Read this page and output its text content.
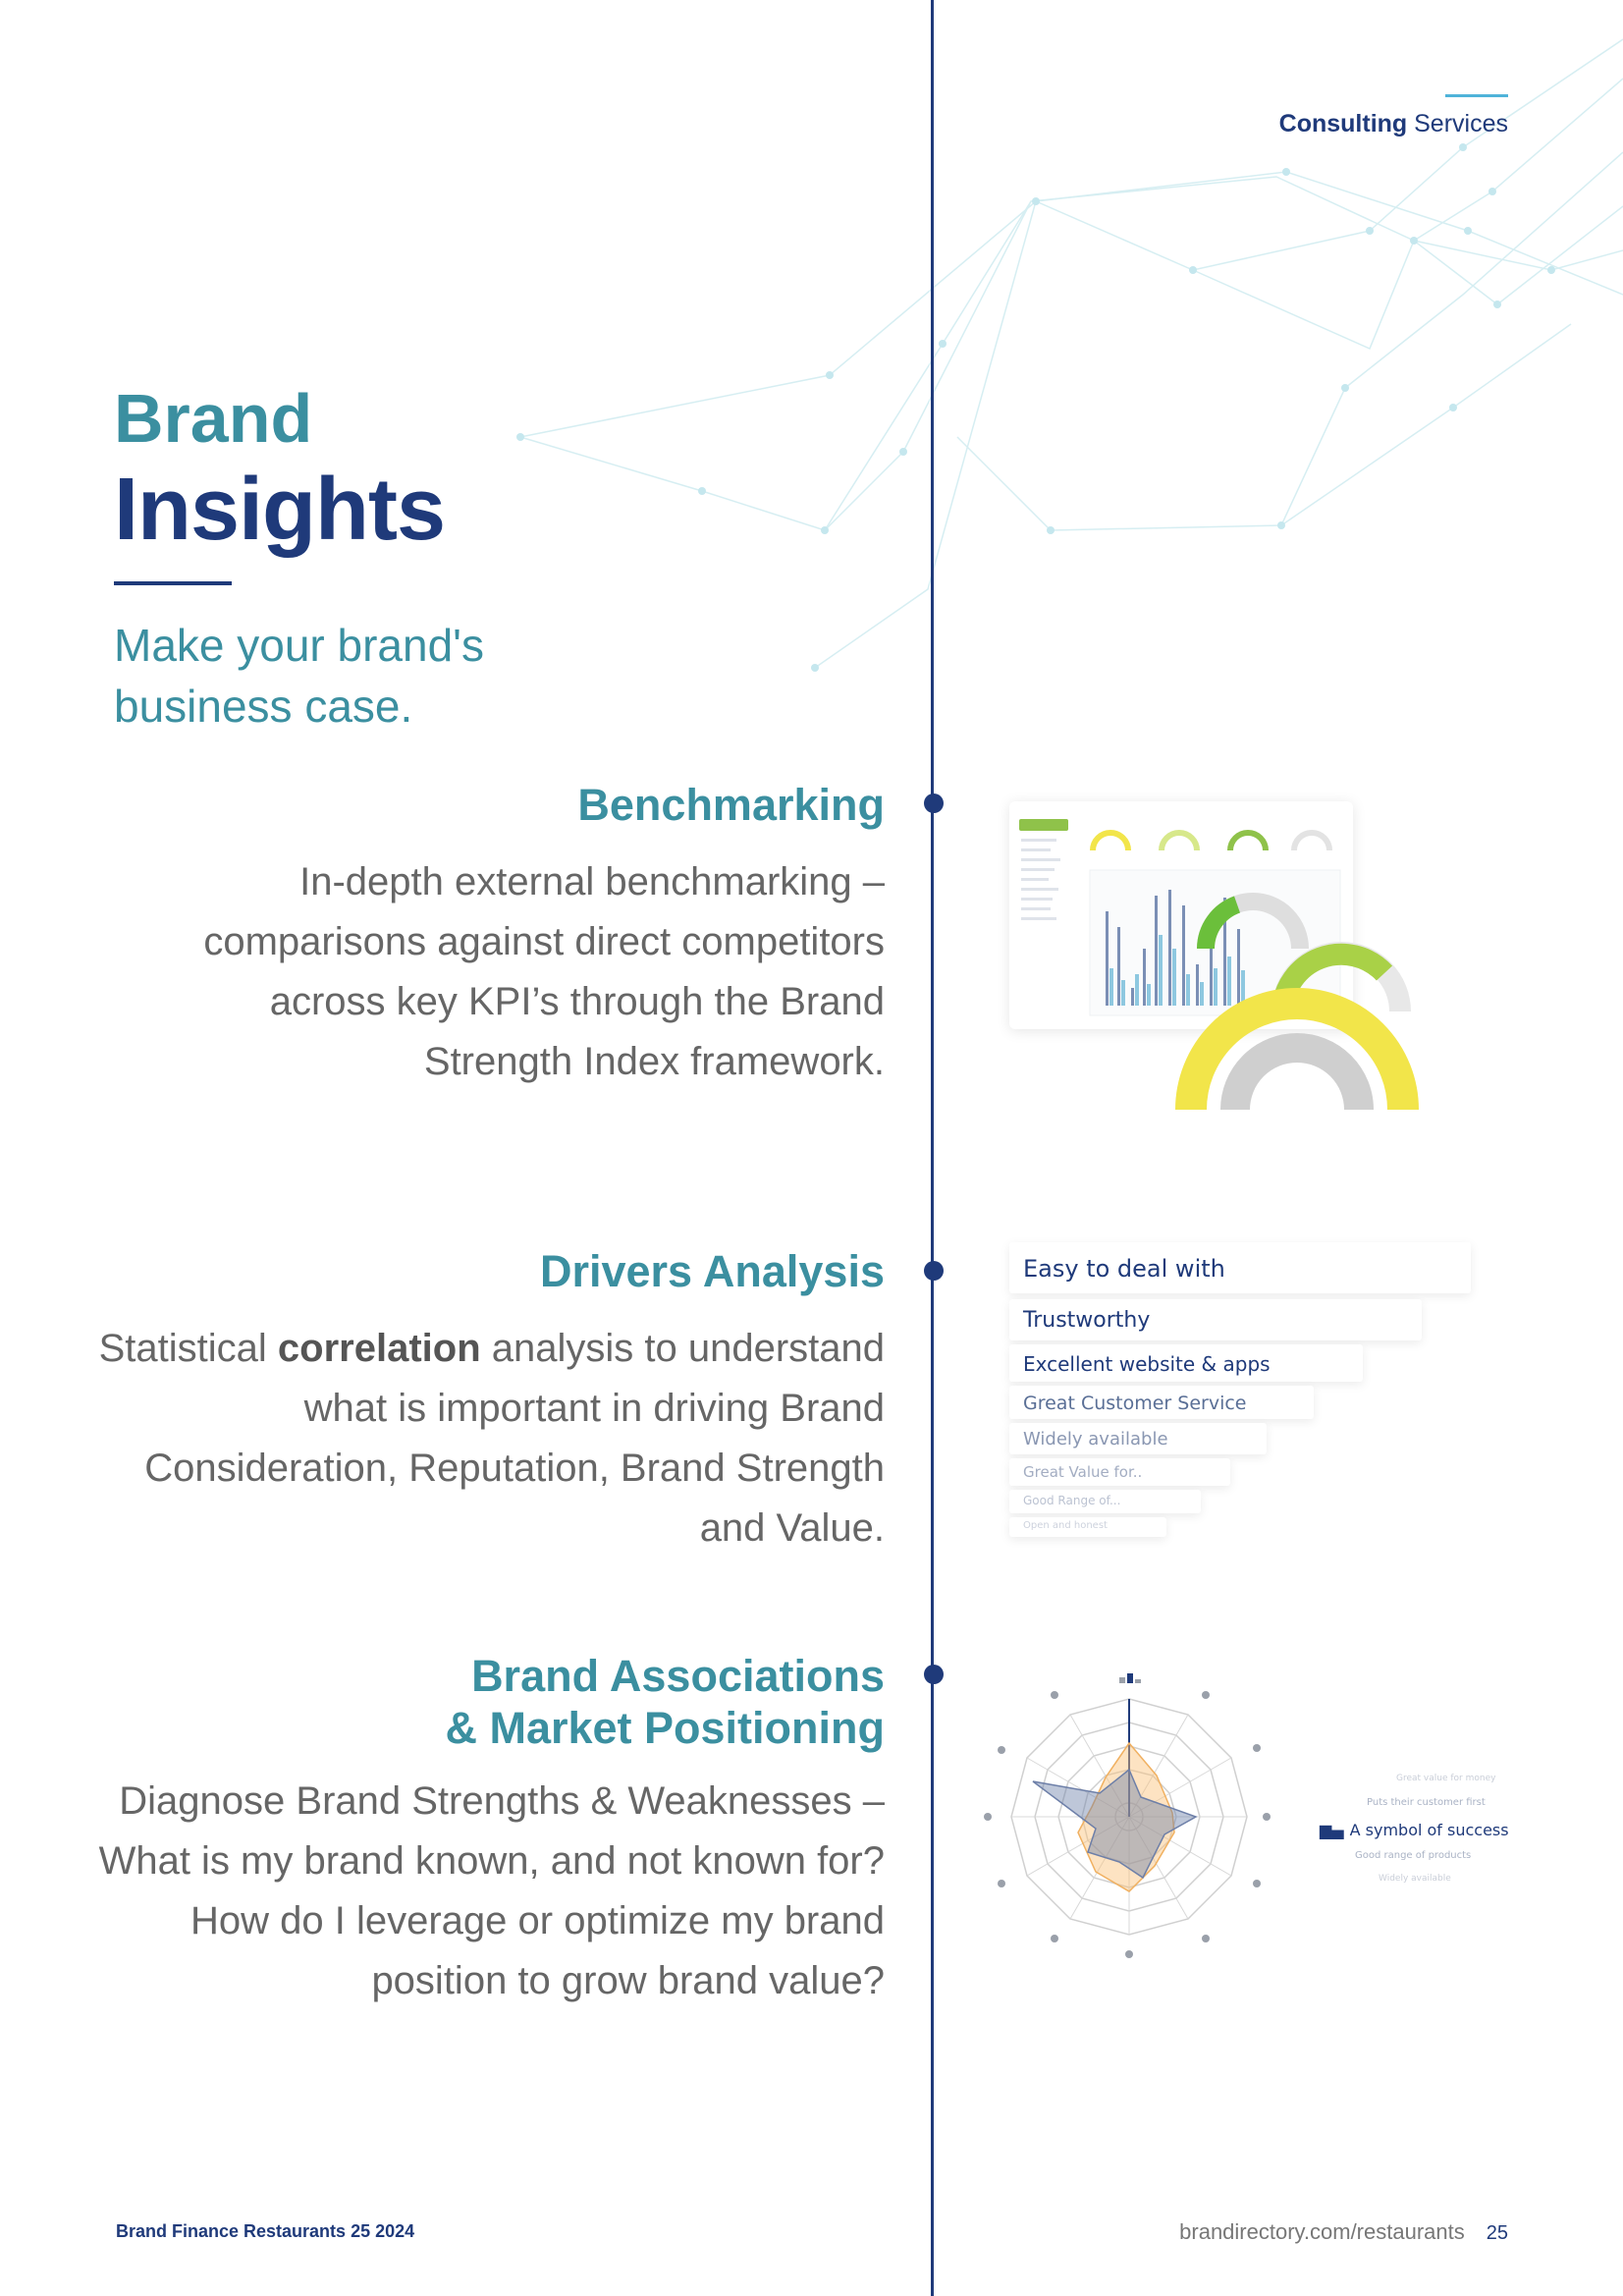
Consulting Services
Brand
Insights
Make your brand's business case.
Benchmarking

In-depth external benchmarking – comparisons against direct competitors across key KPI’s through the Brand Strength Index framework.

Drivers Analysis

Statistical correlation analysis to understand what is important in driving Brand Consideration, Reputation, Brand Strength and Value.

Brand Associations
& Market Positioning

Diagnose Brand Strengths & Weaknesses – What is my brand known, and not known for? How do I leverage or optimize my brand position to grow brand value?

Easy to deal with
Trustworthy
Excellent website & apps
Great Customer Service
Widely available
Great Value for..
Good Range of...
Open and honest
Great value for money
Puts their customer first
▆▄ A symbol of success
Good range of products
Widely available
Brand Finance Restaurants 25 2024	brandirectory.com/restaurants 25
